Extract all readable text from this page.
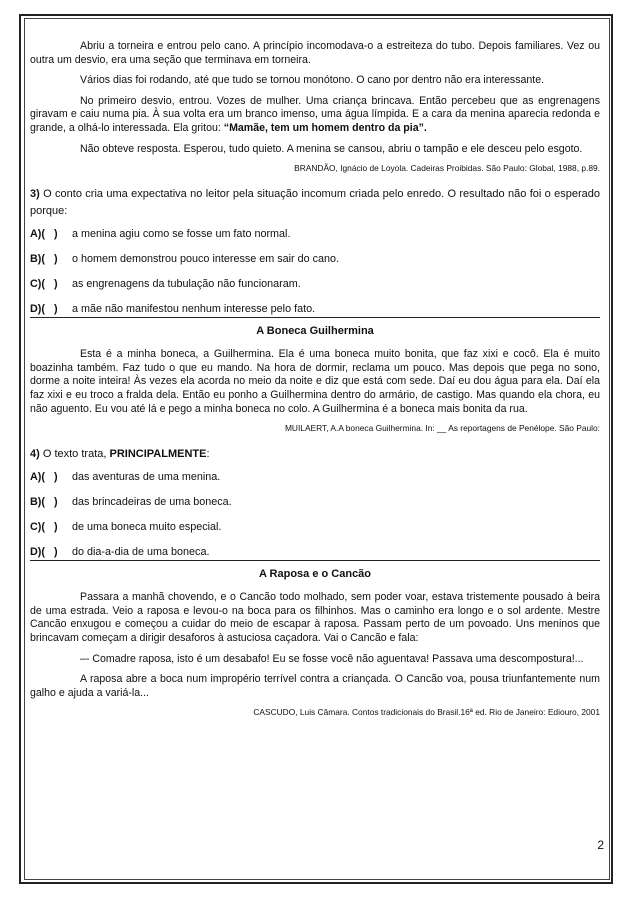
Abriu a torneira e entrou pelo cano. A princípio incomodava-o a estreiteza do tubo. Depois familiares. Vez ou outra um desvio, era uma seção que terminava em torneira.

Vários dias foi rodando, até que tudo se tornou monótono. O cano por dentro não era interessante.

No primeiro desvio, entrou. Vozes de mulher. Uma criança brincava. Então percebeu que as engrenagens giravam e caiu numa pia. À sua volta era um branco imenso, uma água límpida. E a cara da menina aparecia redonda e grande, a olhá-lo interessada. Ela gritou: “Mamãe, tem um homem dentro da pia”.

Não obteve resposta. Esperou, tudo quieto. A menina se cansou, abriu o tampão e ele desceu pelo esgoto.

BRANDÃO, Ignácio de Loyola. Cadeiras Proibidas. São Paulo: Global, 1988, p.89.

3) O conto cria uma expectativa no leitor pela situação incomum criada pelo enredo. O resultado não foi o esperado porque:

A)( )	a menina agiu como se fosse um fato normal.
B)( )	o homem demonstrou pouco interesse em sair do cano.
C)( )	as engrenagens da tubulação não funcionaram.
D)( )	a mãe não manifestou nenhum interesse pelo fato.

A Boneca Guilhermina

Esta é a minha boneca, a Guilhermina. Ela é uma boneca muito bonita, que faz xixi e cocô. Ela é muito boazinha também. Faz tudo o que eu mando. Na hora de dormir, reclama um pouco. Mas depois que pega no sono, dorme a noite inteira! Às vezes ela acorda no meio da noite e diz que está com sede. Daí eu dou água para ela. Daí ela faz xixi e eu troco a fralda dela. Então eu ponho a Guilhermina dentro do armário, de castigo. Mas quando ela chora, eu não aguento. Eu vou até lá e pego a minha boneca no colo. A Guilhermina é a boneca mais bonita da rua.

MUILAERT, A.A boneca Guilhermina. In: __ As reportagens de Penélope. São Paulo:

4) O texto trata, PRINCIPALMENTE:

A)( )	das aventuras de uma menina.
B)( )	das brincadeiras de uma boneca.
C)( )	de uma boneca muito especial.
D)( )	do dia-a-dia de uma boneca.

A Raposa e o Cancão

Passara a manhã chovendo, e o Cancão todo molhado, sem poder voar, estava tristemente pousado à beira de uma estrada. Veio a raposa e levou-o na boca para os filhinhos. Mas o caminho era longo e o sol ardente. Mestre Cancão enxugou e começou a cuidar do meio de escapar à raposa. Passam perto de um povoado. Uns meninos que brincavam começam a dirigir desaforos à astuciosa caçadora. Vai o Cancão e fala:

–- Comadre raposa, isto é um desabafo! Eu se fosse você não aguentava! Passava uma descompostura!...

A raposa abre a boca num impropério terrível contra a criançada. O Cancão voa, pousa triunfantemente num galho e ajuda a variá-la...

CASCUDO, Luis Câmara. Contos tradicionais do Brasil.16ª ed. Rio de Janeiro: Ediouro, 2001

2
